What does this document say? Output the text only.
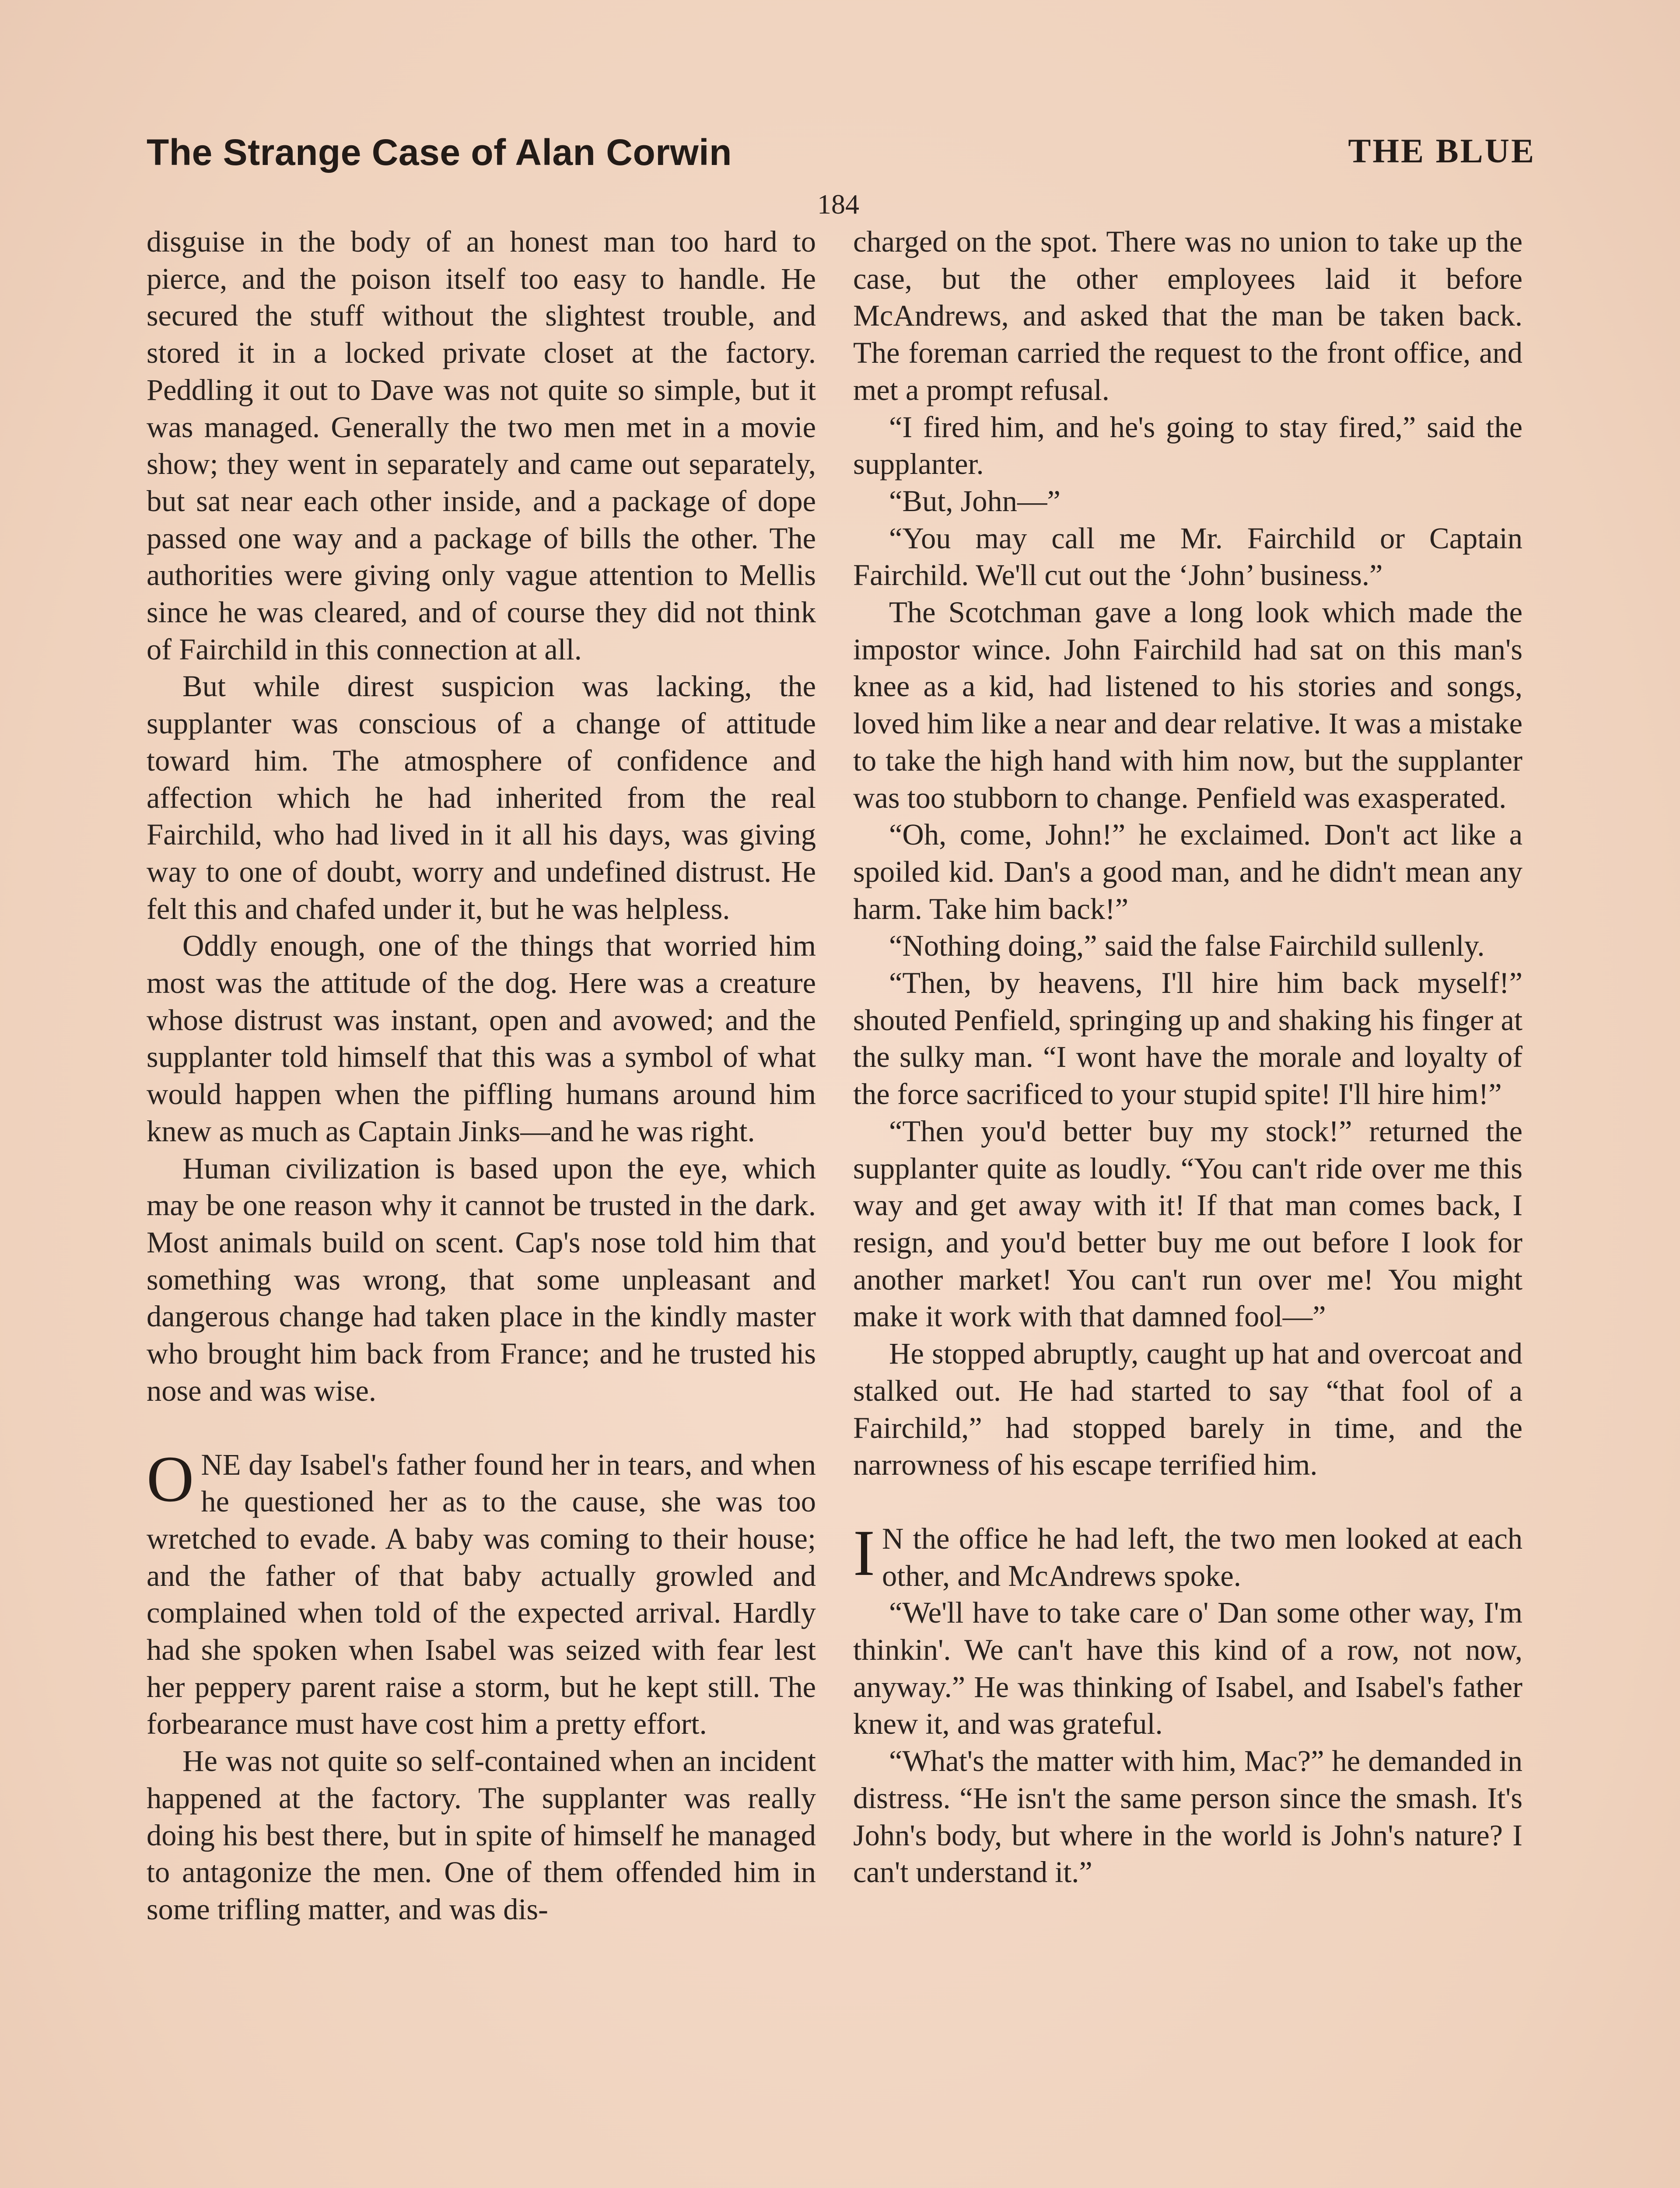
The Strange Case of Alan Corwin	THE BLUE
184

disguise in the body of an honest man too hard to pierce, and the poison itself too easy to handle. He secured the stuff without the slightest trouble, and stored it in a locked private closet at the factory. Peddling it out to Dave was not quite so simple, but it was managed. Generally the two men met in a movie show; they went in separately and came out separately, but sat near each other inside, and a package of dope passed one way and a package of bills the other. The authorities were giving only vague attention to Mellis since he was cleared, and of course they did not think of Fairchild in this connection at all.

But while direst suspicion was lacking, the supplanter was conscious of a change of attitude toward him. The atmosphere of confidence and affection which he had inherited from the real Fairchild, who had lived in it all his days, was giving way to one of doubt, worry and undefined distrust. He felt this and chafed under it, but he was helpless.

Oddly enough, one of the things that worried him most was the attitude of the dog. Here was a creature whose distrust was instant, open and avowed; and the supplanter told himself that this was a symbol of what would happen when the piffling humans around him knew as much as Captain Jinks—and he was right.

Human civilization is based upon the eye, which may be one reason why it cannot be trusted in the dark. Most animals build on scent. Cap's nose told him that something was wrong, that some unpleasant and dangerous change had taken place in the kindly master who brought him back from France; and he trusted his nose and was wise.

ONE day Isabel's father found her in tears, and when he questioned her as to the cause, she was too wretched to evade. A baby was coming to their house; and the father of that baby actually growled and complained when told of the expected arrival. Hardly had she spoken when Isabel was seized with fear lest her peppery parent raise a storm, but he kept still. The forbearance must have cost him a pretty effort.

He was not quite so self-contained when an incident happened at the factory. The supplanter was really doing his best there, but in spite of himself he managed to antagonize the men. One of them offended him in some trifling matter, and was dis-

charged on the spot. There was no union to take up the case, but the other employees laid it before McAndrews, and asked that the man be taken back. The foreman carried the request to the front office, and met a prompt refusal.

“I fired him, and he's going to stay fired,” said the supplanter.

“But, John—”

“You may call me Mr. Fairchild or Captain Fairchild. We'll cut out the ‘John’ business.”

The Scotchman gave a long look which made the impostor wince. John Fairchild had sat on this man's knee as a kid, had listened to his stories and songs, loved him like a near and dear relative. It was a mistake to take the high hand with him now, but the supplanter was too stubborn to change. Penfield was exasperated.

“Oh, come, John!” he exclaimed. Don't act like a spoiled kid. Dan's a good man, and he didn't mean any harm. Take him back!”

“Nothing doing,” said the false Fairchild sullenly.

“Then, by heavens, I'll hire him back myself!” shouted Penfield, springing up and shaking his finger at the sulky man. “I wont have the morale and loyalty of the force sacrificed to your stupid spite! I'll hire him!”

“Then you'd better buy my stock!” returned the supplanter quite as loudly. “You can't ride over me this way and get away with it! If that man comes back, I resign, and you'd better buy me out before I look for another market! You can't run over me! You might make it work with that damned fool—”

He stopped abruptly, caught up hat and overcoat and stalked out. He had started to say “that fool of a Fairchild,” had stopped barely in time, and the narrowness of his escape terrified him.

I N the office he had left, the two men looked at each other, and McAndrews spoke.

“We'll have to take care o' Dan some other way, I'm thinkin'. We can't have this kind of a row, not now, anyway.” He was thinking of Isabel, and Isabel's father knew it, and was grateful.

“What's the matter with him, Mac?” he demanded in distress. “He isn't the same person since the smash. It's John's body, but where in the world is John's nature? I can't understand it.”
